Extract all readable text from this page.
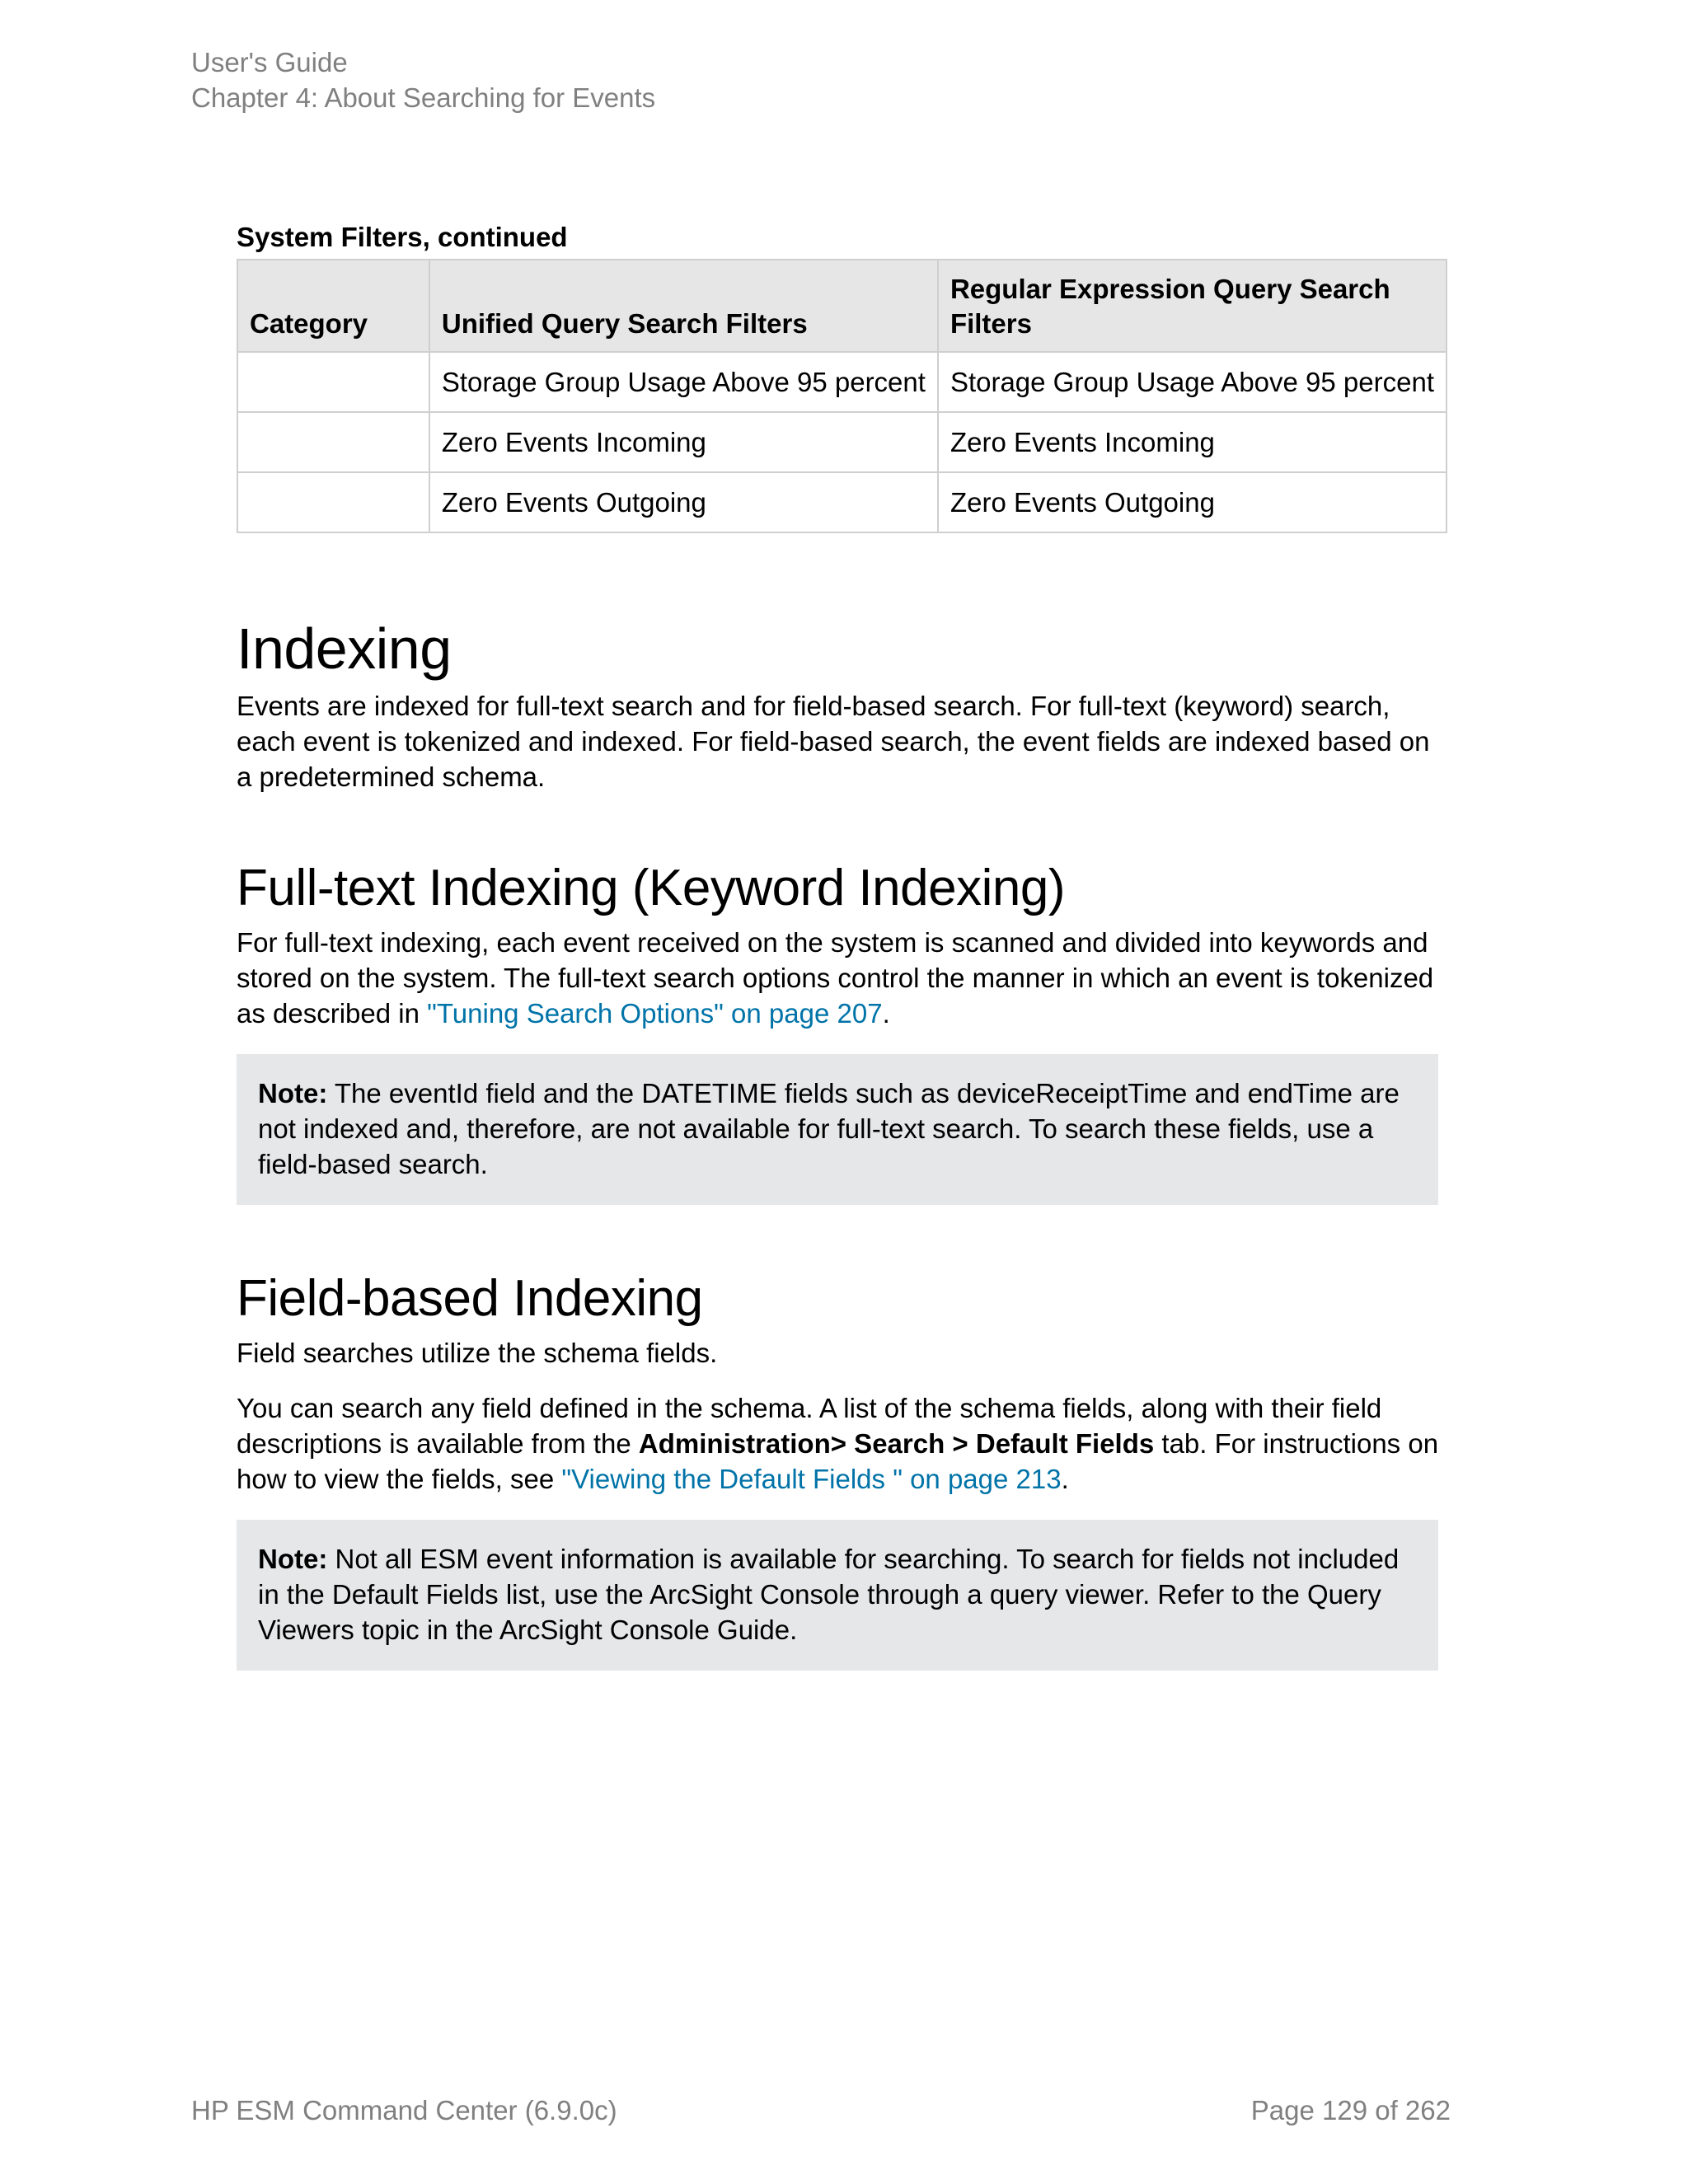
User's Guide
Chapter 4: About Searching for Events
System Filters, continued
Category	Unified Query Search Filters	Regular Expression Query Search Filters
	Storage Group Usage Above 95 percent	Storage Group Usage Above 95 percent
	Zero Events Incoming	Zero Events Incoming
	Zero Events Outgoing	Zero Events Outgoing
Indexing

Events are indexed for full-text search and for field-based search. For full-text (keyword) search, each event is tokenized and indexed. For field-based search, the event fields are indexed based on a predetermined schema.

Full-text Indexing (Keyword Indexing)

For full-text indexing, each event received on the system is scanned and divided into keywords and stored on the system. The full-text search options control the manner in which an event is tokenized as described in "Tuning Search Options" on page 207.

Note: The eventId field and the DATETIME fields such as deviceReceiptTime and endTime are not indexed and, therefore, are not available for full-text search. To search these fields, use a field-based search.
Field-based Indexing

Field searches utilize the schema fields.

You can search any field defined in the schema. A list of the schema fields, along with their field descriptions is available from the Administration> Search > Default Fields tab. For instructions on how to view the fields, see "Viewing the Default Fields " on page 213.

Note: Not all ESM event information is available for searching. To search for fields not included in the Default Fields list, use the ArcSight Console through a query viewer. Refer to the Query Viewers topic in the ArcSight Console Guide.
HP ESM Command Center (6.9.0c)	Page 129 of 262
